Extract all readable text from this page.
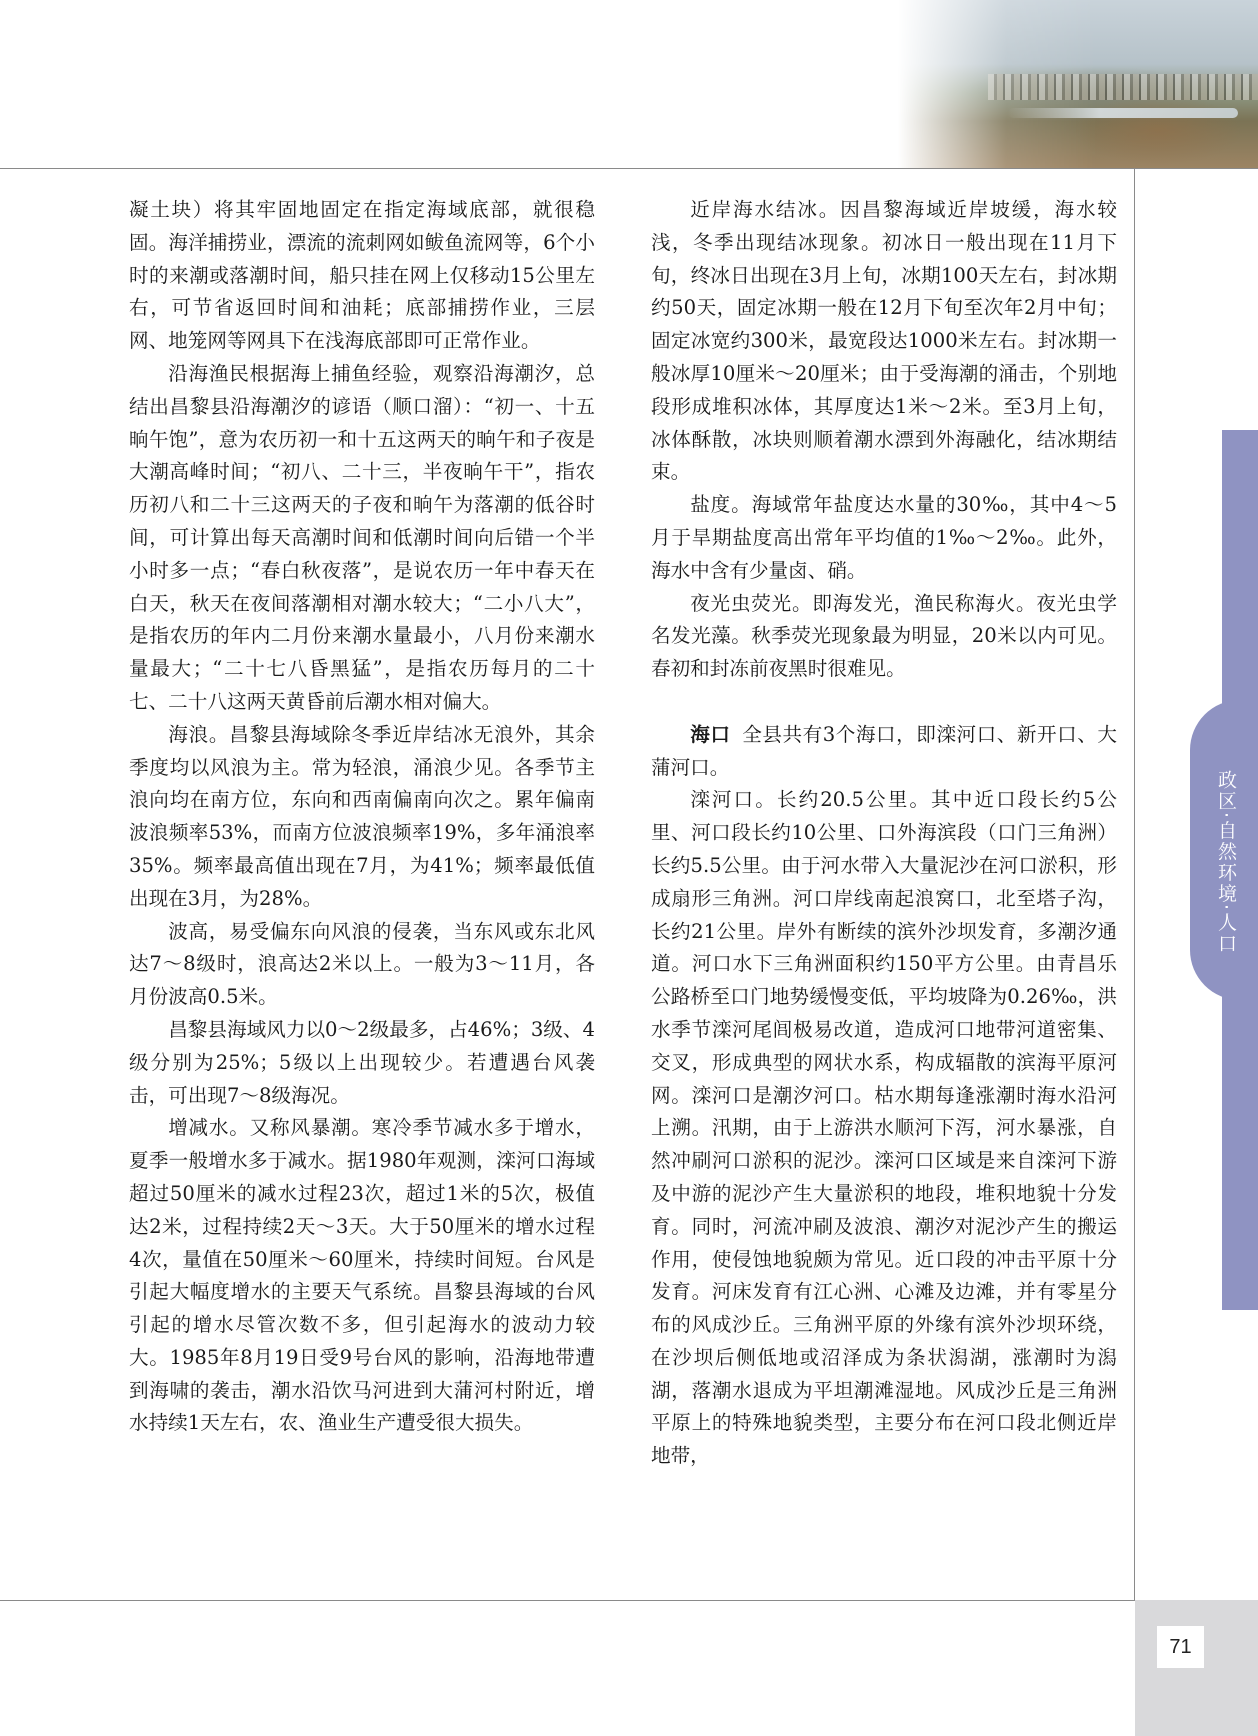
政区·自然环境·人口

凝土块）将其牢固地固定在指定海域底部，就很稳固。海洋捕捞业，漂流的流刺网如鲅鱼流网等，6个小时的来潮或落潮时间，船只挂在网上仅移动15公里左右，可节省返回时间和油耗；底部捕捞作业，三层网、地笼网等网具下在浅海底部即可正常作业。

沿海渔民根据海上捕鱼经验，观察沿海潮汐，总结出昌黎县沿海潮汐的谚语（顺口溜）：“初一、十五晌午饱”，意为农历初一和十五这两天的晌午和子夜是大潮高峰时间；“初八、二十三，半夜晌午干”，指农历初八和二十三这两天的子夜和晌午为落潮的低谷时间，可计算出每天高潮时间和低潮时间向后错一个半小时多一点；“春白秋夜落”，是说农历一年中春天在白天，秋天在夜间落潮相对潮水较大；“二小八大”，是指农历的年内二月份来潮水量最小，八月份来潮水量最大；“二十七八昏黑猛”，是指农历每月的二十七、二十八这两天黄昏前后潮水相对偏大。

海浪。昌黎县海域除冬季近岸结冰无浪外，其余季度均以风浪为主。常为轻浪，涌浪少见。各季节主浪向均在南方位，东向和西南偏南向次之。累年偏南波浪频率53%，而南方位波浪频率19%，多年涌浪率35%。频率最高值出现在7月，为41%；频率最低值出现在3月，为28%。

波高，易受偏东向风浪的侵袭，当东风或东北风达7～8级时，浪高达2米以上。一般为3～11月，各月份波高0.5米。

昌黎县海域风力以0～2级最多，占46%；3级、4级分别为25%；5级以上出现较少。若遭遇台风袭击，可出现7～8级海况。

增减水。又称风暴潮。寒冷季节减水多于增水，夏季一般增水多于减水。据1980年观测，滦河口海域超过50厘米的减水过程23次，超过1米的5次，极值达2米，过程持续2天～3天。大于50厘米的增水过程4次，量值在50厘米～60厘米，持续时间短。台风是引起大幅度增水的主要天气系统。昌黎县海域的台风引起的增水尽管次数不多，但引起海水的波动力较大。1985年8月19日受9号台风的影响，沿海地带遭到海啸的袭击，潮水沿饮马河进到大蒲河村附近，增水持续1天左右，农、渔业生产遭受很大损失。

近岸海水结冰。因昌黎海域近岸坡缓，海水较浅，冬季出现结冰现象。初冰日一般出现在11月下旬，终冰日出现在3月上旬，冰期100天左右，封冰期约50天，固定冰期一般在12月下旬至次年2月中旬；固定冰宽约300米，最宽段达1000米左右。封冰期一般冰厚10厘米～20厘米；由于受海潮的涌击，个别地段形成堆积冰体，其厚度达1米～2米。至3月上旬，冰体酥散，冰块则顺着潮水漂到外海融化，结冰期结束。

盐度。海域常年盐度达水量的30‰，其中4～5月于旱期盐度高出常年平均值的1‰～2‰。此外，海水中含有少量卤、硝。

夜光虫荧光。即海发光，渔民称海火。夜光虫学名发光藻。秋季荧光现象最为明显，20米以内可见。春初和封冻前夜黑时很难见。

海口 全县共有3个海口，即滦河口、新开口、大蒲河口。

滦河口。长约20.5公里。其中近口段长约5公里、河口段长约10公里、口外海滨段（口门三角洲）长约5.5公里。由于河水带入大量泥沙在河口淤积，形成扇形三角洲。河口岸线南起浪窝口，北至塔子沟，长约21公里。岸外有断续的滨外沙坝发育，多潮汐通道。河口水下三角洲面积约150平方公里。由青昌乐公路桥至口门地势缓慢变低，平均坡降为0.26‰，洪水季节滦河尾闾极易改道，造成河口地带河道密集、交叉，形成典型的网状水系，构成辐散的滨海平原河网。滦河口是潮汐河口。枯水期每逢涨潮时海水沿河上溯。汛期，由于上游洪水顺河下泻，河水暴涨，自然冲刷河口淤积的泥沙。滦河口区域是来自滦河下游及中游的泥沙产生大量淤积的地段，堆积地貌十分发育。同时，河流冲刷及波浪、潮汐对泥沙产生的搬运作用，使侵蚀地貌颇为常见。近口段的冲击平原十分发育。河床发育有江心洲、心滩及边滩，并有零星分布的风成沙丘。三角洲平原的外缘有滨外沙坝环绕，在沙坝后侧低地或沼泽成为条状潟湖，涨潮时为潟湖，落潮水退成为平坦潮滩湿地。风成沙丘是三角洲平原上的特殊地貌类型，主要分布在河口段北侧近岸地带，

71
